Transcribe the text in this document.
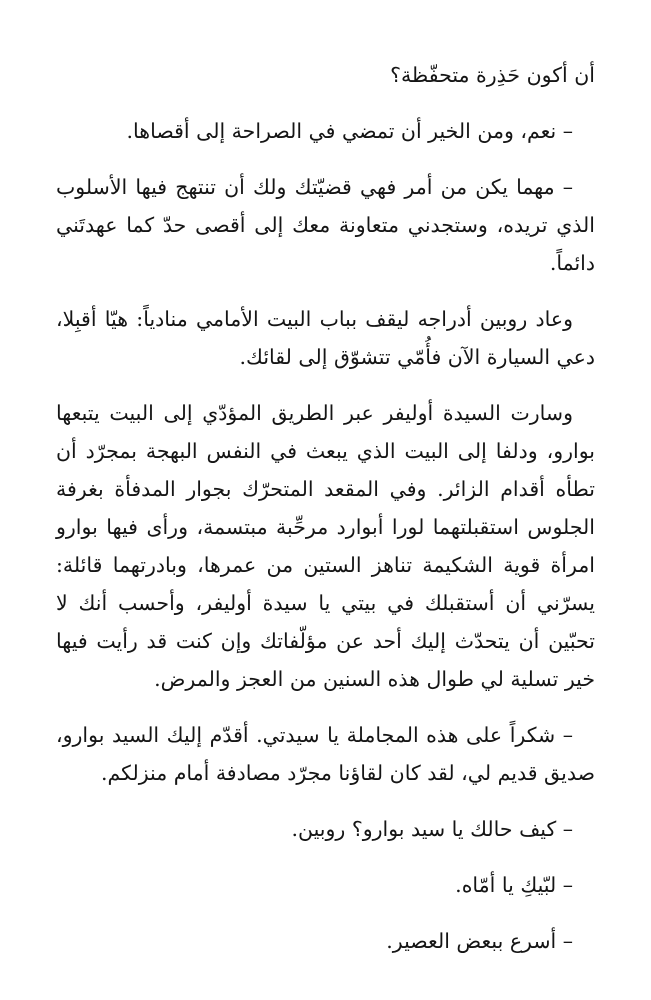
أن أكون حَذِرة متحفّظة؟

– نعم، ومن الخير أن تمضي في الصراحة إلى أقصاها.

– مهما يكن من أمر فهي قضيّتك ولك أن تنتهج فيها الأسلوب الذي تريده، وستجدني متعاونة معك إلى أقصى حدّ كما عهدتَني دائماً.

وعاد روبين أدراجه ليقف بباب البيت الأمامي منادياً: هيّا أقبِلا، دعي السيارة الآن فأُمّي تتشوّق إلى لقائك.

وسارت السيدة أوليفر عبر الطريق المؤدّي إلى البيت يتبعها بوارو، ودلفا إلى البيت الذي يبعث في النفس البهجة بمجرّد أن تطأه أقدام الزائر. وفي المقعد المتحرّك بجوار المدفأة بغرفة الجلوس استقبلتهما لورا أبوارد مرحِّبة مبتسمة، ورأى فيها بوارو امرأة قوية الشكيمة تناهز الستين من عمرها، وبادرتهما قائلة: يسرّني أن أستقبلك في بيتي يا سيدة أوليفر، وأحسب أنك لا تحبّين أن يتحدّث إليك أحد عن مؤلّفاتك وإن كنت قد رأيت فيها خير تسلية لي طوال هذه السنين من العجز والمرض.

– شكراً على هذه المجاملة يا سيدتي. أقدّم إليك السيد بوارو، صديق قديم لي، لقد كان لقاؤنا مجرّد مصادفة أمام منزلكم.

– كيف حالك يا سيد بوارو؟ روبين.

– لبّيكِ يا أمّاه.

– أسرع ببعض العصير.
